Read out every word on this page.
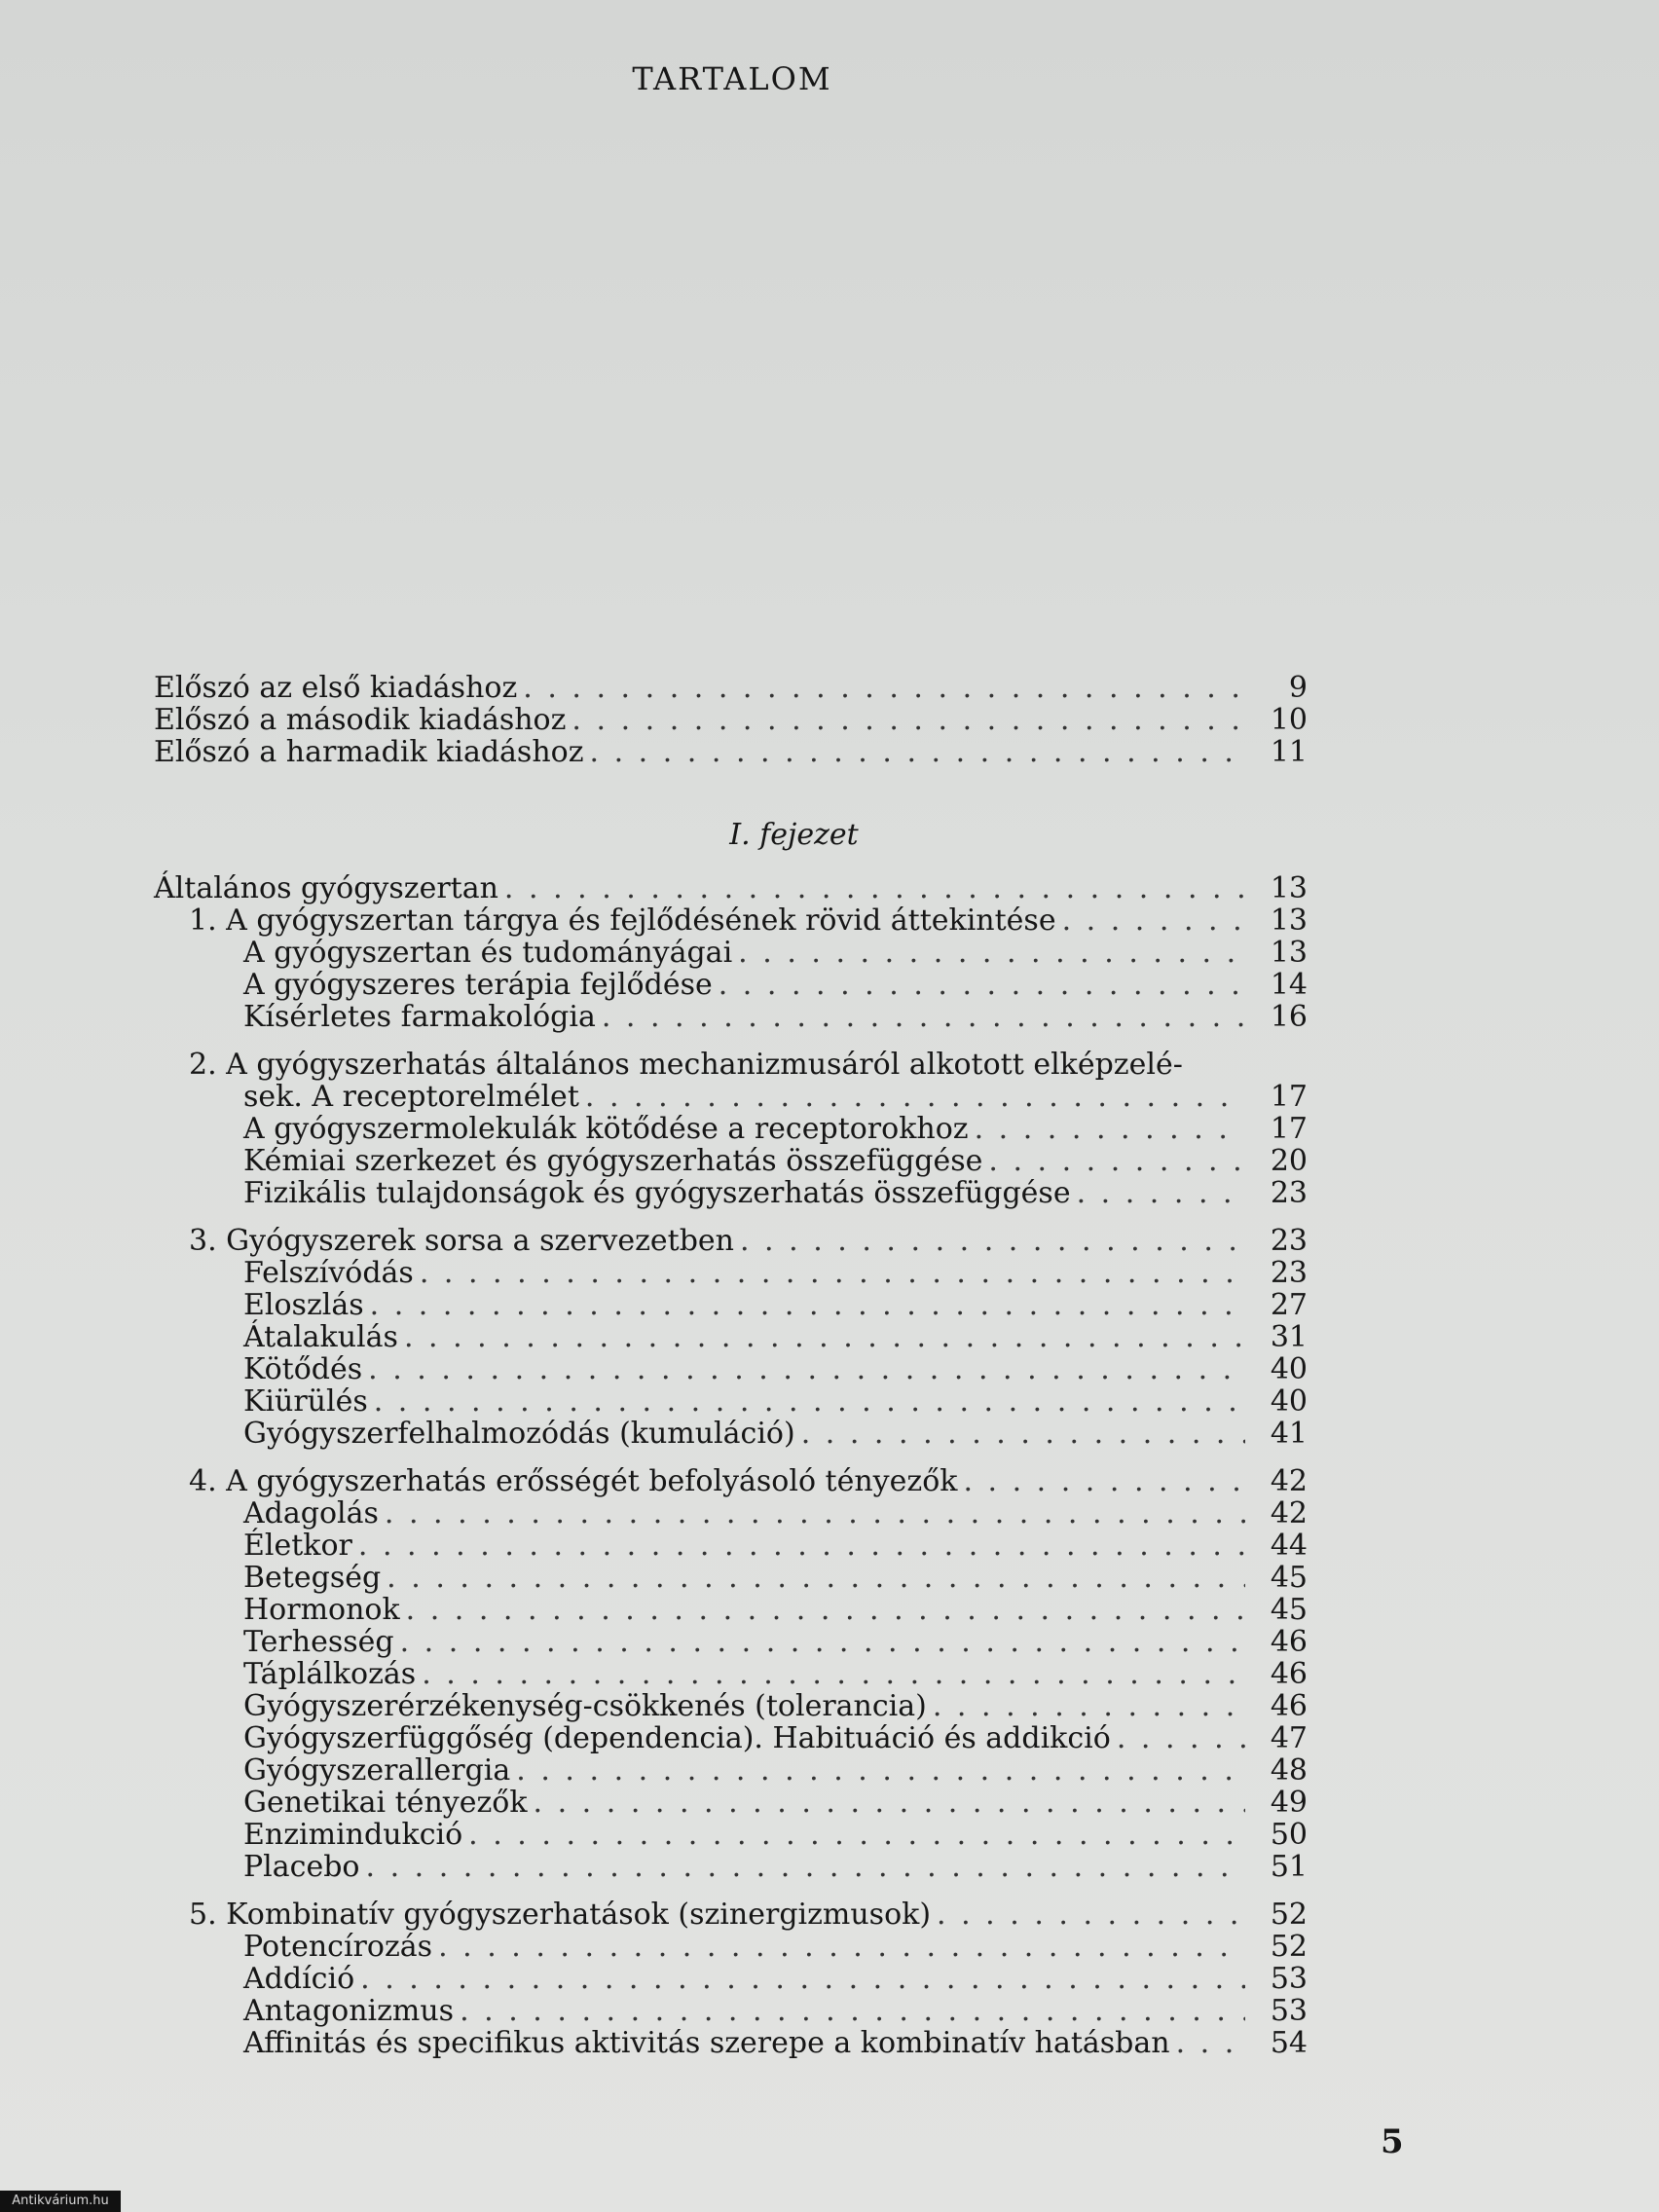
TARTALOM
Előszó az első kiadáshoz . . .	9
Előszó a második kiadáshoz . . .	10
Előszó a harmadik kiadáshoz . . .	11
I. fejezet
Általános gyógyszertan . . .	13
1. A gyógyszertan tárgya és fejlődésének rövid áttekintése . . .	13
A gyógyszertan és tudományágai . . .	13
A gyógyszeres terápia fejlődése . . .	14
Kísérletes farmakológia . . .	16
2. A gyógyszerhatás általános mechanizmusáról alkotott elképzelé-
sek. A receptorelmélet . . .	17
A gyógyszermolekulák kötődése a receptorokhoz . . .	17
Kémiai szerkezet és gyógyszerhatás összefüggése . . .	20
Fizikális tulajdonságok és gyógyszerhatás összefüggése . . .	23
3. Gyógyszerek sorsa a szervezetben . . .	23
Felszívódás . . .	23
Eloszlás . . .	27
Átalakulás . . .	31
Kötődés . . .	40
Kiürülés . . .	40
Gyógyszerfelhalmozódás (kumuláció) . . .	41
4. A gyógyszerhatás erősségét befolyásoló tényezők . . .	42
Adagolás . . .	42
Életkor . . .	44
Betegség . . .	45
Hormonok . . .	45
Terhesség . . .	46
Táplálkozás . . .	46
Gyógyszerérzékenység-csökkenés (tolerancia) . . .	46
Gyógyszerfüggőség (dependencia). Habituáció és addikció . . .	47
Gyógyszerallergia . . .	48
Genetikai tényezők . . .	49
Enzimindukció . . .	50
Placebo . . .	51
5. Kombinatív gyógyszerhatások (szinergizmusok) . . .	52
Potencírozás . . .	52
Addíció . . .	53
Antagonizmus . . .	53
Affinitás és specifikus aktivitás szerepe a kombinatív hatásban . . .	54
5
Antikvárium.hu
